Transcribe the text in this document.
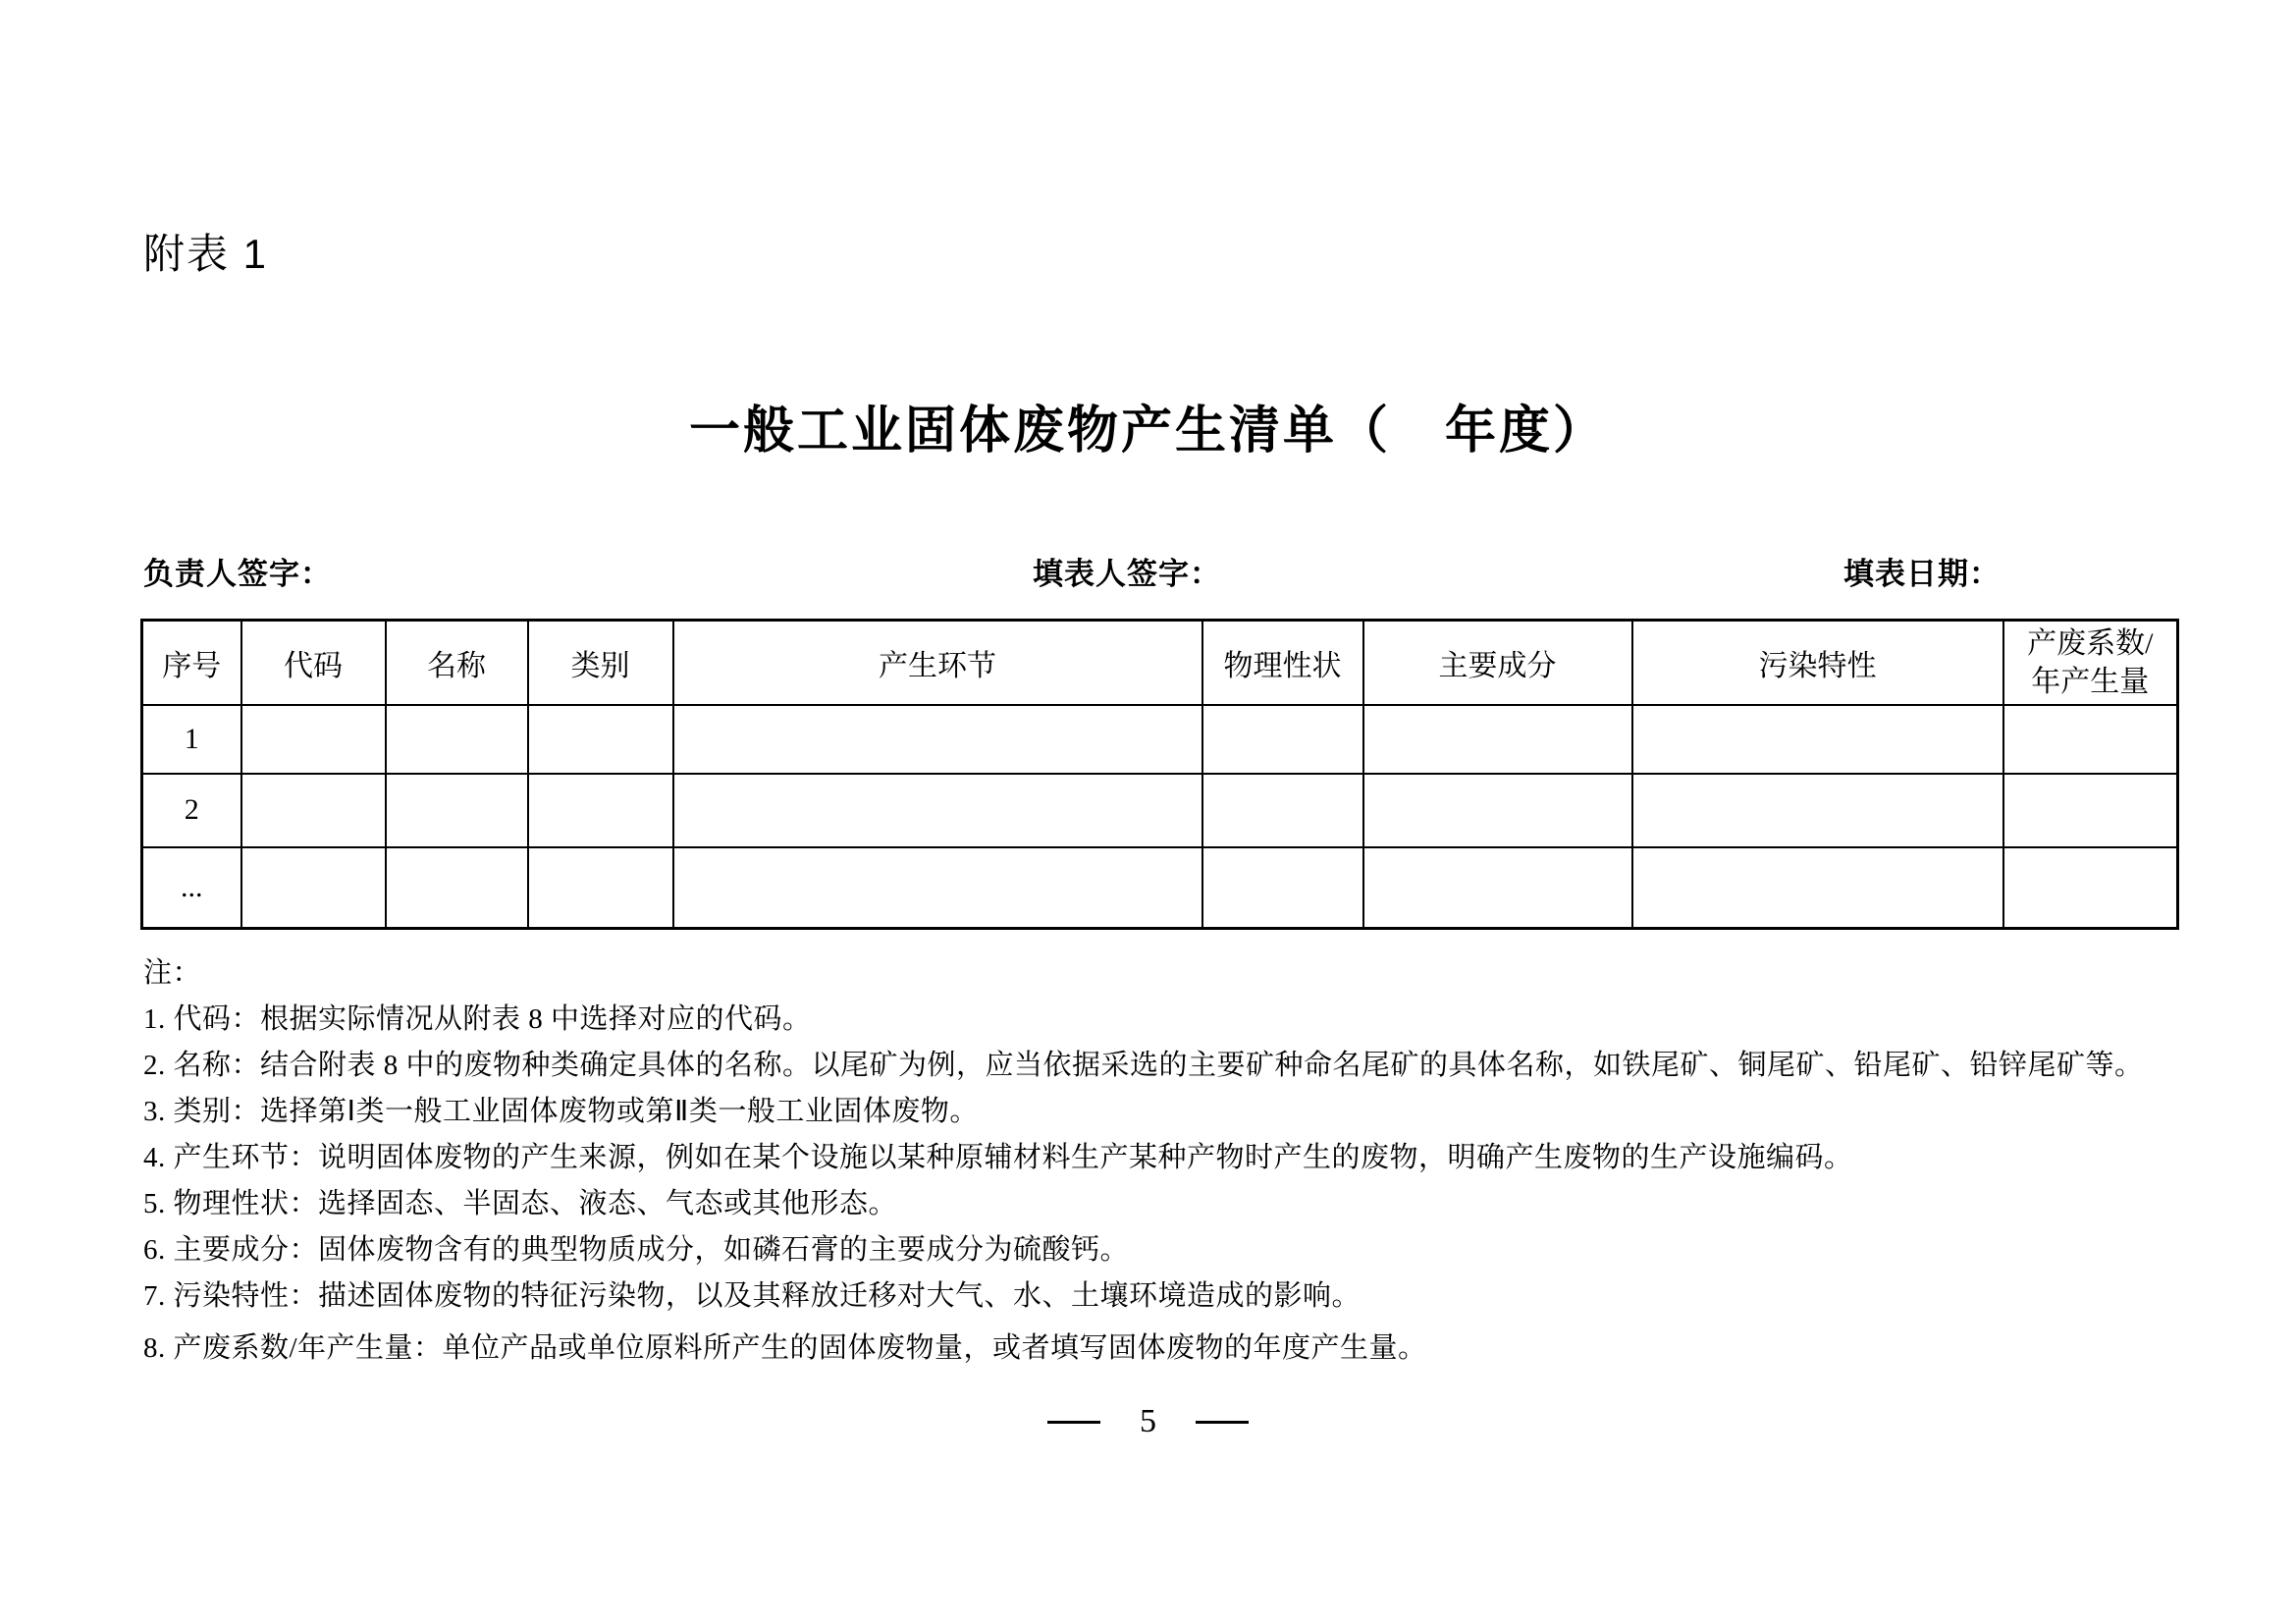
附表 1
一般工业固体废物产生清单（　年度）
负责人签字：	填表人签字：	填表日期：
序号	代码	名称	类别	产生环节	物理性状	主要成分	污染特性	产废系数/
年产生量

1								
2								
...								
注：
1. 代码：根据实际情况从附表 8 中选择对应的代码。
2. 名称：结合附表 8 中的废物种类确定具体的名称。以尾矿为例，应当依据采选的主要矿种命名尾矿的具体名称，如铁尾矿、铜尾矿、铅尾矿、铅锌尾矿等。
3. 类别：选择第Ⅰ类一般工业固体废物或第Ⅱ类一般工业固体废物。
4. 产生环节：说明固体废物的产生来源，例如在某个设施以某种原辅材料生产某种产物时产生的废物，明确产生废物的生产设施编码。
5. 物理性状：选择固态、半固态、液态、气态或其他形态。
6. 主要成分：固体废物含有的典型物质成分，如磷石膏的主要成分为硫酸钙。
7. 污染特性：描述固体废物的特征污染物，以及其释放迁移对大气、水、土壤环境造成的影响。
8. 产废系数/年产生量：单位产品或单位原料所产生的固体废物量，或者填写固体废物的年度产生量。
5
